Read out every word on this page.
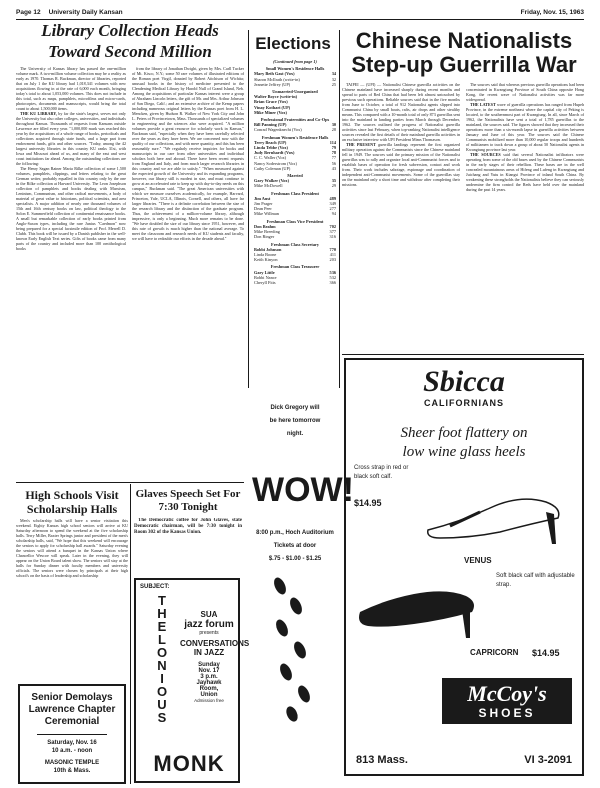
Page 12 University Daily Kansan	Friday, Nov. 15, 1963
Library Collection Heads Toward Second Million

The University of Kansas library has passed the one-million volume mark. A two-million volume collection may be a reality as early as 1970. Thomas R. Buckman, director of libraries, reported that on July 1 the KU library had 1,018,341 volumes with new acquisitions flowing in at the rate of 6,000 each month, bringing today's total to about 1,053,000 volumes. This does not include in this total, such as maps, pamphlets, microfilms and micro-cards, photocopies, documents and manuscripts, would bring the total count to about 1,500,000 items.

THE KU LIBRARY, by far the state's largest, serves not only the University but also other colleges, universities, and individuals throughout Kansas. Thousands of requests from Kansans outside Lawrence are filled every year. "1,000,000 mark was reached this year by the acquisitions of a whole range of books, periodicals and collections acquired through state funds, and a large part from endowment funds, gifts and other sources. "Today, among the 42 largest university libraries in this country KU ranks 31st, with Iowa and Missouri ahead of us, and many of the east and west coast institutions far ahead. Among the outstanding collections are the following:

The Henry Sagan Rainer Maria Rilke collection of some 1,500 volumes, pamphlets, clippings, and letters relating to the great German writer, probably equalled in this country only by the one in the Rilke collection at Harvard University. The Leon Josephson collection of pamphlets and books dealing with Marxism, Leninism, Communism, and other radical movements, a body of material of great value to historians, political scientists, and area specialists. A major addition of nearly one thousand volumes of 15th and 16th century books on law, political theology to the Solon E. Summerfield collection of continental renaissance books. A small but remarkable collection of early books printed from Anglo-Saxon types, including the rare Junius "Caedmon" now being prepared for a special facsimile edition of Prof. Merrell D. Clubb. This book will be issued by a Danish publisher in the well-known Early English Text series. Gifts of books came from many parts of the country and included more than 100 ornithological books

from the library of Jonathan Dwight, given by Mrs. Carll Tucker of Mt. Kisco, N.Y.; some 50 rare volumes of illustrated editions of the Roman poet Virgil, donated by Robert Aitchison of Wichita; unusual books in the history of medicine presented to the Clendening Medical Library by Harold Null of Grand Island, Neb. Among the acquisitions of particular Kansas interest were a group of Abraham Lincoln letters, the gift of Mr. and Mrs. Arthur Johnson of San Diego, Calif.; and an extensive archive of the Kemp papers including numerous original letters by the Kansas poet from H. L. Mencken, given by Hudson R. Walker of New York City and John L. Peters of Provincetown, Mass. Thousands of specialized volumes in engineering and the sciences also were acquired. "A million volumes provide a great resource for scholarly work in Kansas," Buckman said, "especially when they have been carefully selected over the years as they have been. We are concerned now with the quality of our collections, and with mere quantity, and this has been reasonably sure." "We regularly receive inquiries for books and manuscripts in our care from other universities and individual scholars both here and abroad. There have been recent requests from England and Italy, and from much larger research libraries in this country and we are able to satisfy." "When measured against the expected growth of the University and its expanding programs, however, our library still is modest in size, and must continue to grow at an accelerated rate to keep up with day-to-day needs on this campus," Buckman said. "The great American universities with which we measure ourselves academically, for example, Harvard, Princeton, Yale, UCLA, Illinois, Cornell, and others, all have far larger libraries. "There is a definite correlation between the size of the research library and the distinction of the graduate program. Thus, the achievement of a million-volume library, although impressive, is only a beginning. Much more remains to be done. "We have doubled the size of our library since 1951, however, and this rate of growth is much higher than the national average. To meet the classroom and research needs of KU students and faculty, we will have to redouble our efforts in the decade ahead."

Elections
(Continued from page 1)
Small Women's Residence Halls
Mary Beth Gast (Vox)	34
Sharon McIlrath (write-in)	32
Jeanette Jeffrey (UP)	25
Unmarried-Unorganized
Walter Boyce (write-in)
Brian Grace (Vox)
Vinay Kothari (UP)
Mike Miner (Vox)
Professional Fraternities and Co-Ops
Bill Panning (UP)	30
Conrad Wagenknecht (Vox)	28
Freshman Women's Residence Halls
Terry Beach (UP)	114
Linda Tebbe (Vox)	79
Judy Bernhardt (Vox)	78
C. C. Waller (Vox)	77
Nancy Soderstrom (Vox)	56
Cathy Coleman (UP)	43
Married
Gary Walker (Vox)	35
Mike McDowell	29
Freshman Class President
Jim Aust	489
Jim Prager	349
Dean Peer	277
Mike Willman	94
Freshman Class Vice President
Don Beahm	702
Mike Breeding	377
Don Ringer	316
Freshman Class Secretary
Bobbi Johnson	770
Linda Boone	411
Keith Kinyon	203
Freshman Class Treasurer
Gary Little	536
Bobbi Nance	532
Cheryll Fitts	366
Chinese Nationalists Step-up Guerrilla War

TAIPEI — (UPI) — Nationalist Chinese guerrilla activities on the Chinese mainland have increased sharply during recent months and spread to parts of Red China that had been left almost untouched by previous such operations. Reliable sources said that in the five months from June to October, a total of 912 Nationalist agents slipped into Communist China by small boats, rafts, air drops and other stealthy means. This compared with a 10-month total of only 873 guerrillas sent into the mainland in landing parties from March through December, 1962. The sources outlined the progress of Nationalist guerrilla activities since last February, when top-ranking Nationalist intelligence sources revealed the first details of their mainland guerrilla activities in an exclusive interview with UPI President Mims Thomason.

THE PRESENT guerrilla landings represent the first organized military operation against the Communists since the Chinese mainland fell in 1949. The sources said the primary mission of the Nationalist guerrillas was to rally and organize local anti-Communist forces and to establish bases of operation for fresh subversion, contact and work from. Their work includes sabotage, espionage and coordination of independent anti-Communist movements. Some of the guerrillas stay on the mainland only a short time and withdraw after completing their missions.

The sources said that whereas previous guerrilla operations had been concentrated in Kwangtung Province of South China opposite Hong Kong, the recent wave of Nationalist activities was far more widespread.

THE LATEST wave of guerrilla operations has ranged from Hupeh Province, in the extreme northeast where the capital city of Peking is located, to the southernmost part of Kwangtung. In all, since March of 1962, the Nationalists have sent a total of 1,785 guerrillas to the mainland, the sources said. The figures showed that they increased their operations more than a six-month lapse in guerrilla activities between January and June of this year. The sources said the Chinese Communists mobilized more than 10,000 regular troops and hundreds of militiamen to track down a group of about 50 Nationalist agents in Kwangtung province last year.

THE SOURCES said that several Nationalist infiltrators were operating from some of the old bases used by the Chinese Communists in the early stages of their rebellion. These bases are in the well concealed mountainous areas of Hifeng and Lufeng in Kwangtung and Juichang and Yutu in Kiangsi Province of inland South China. By weakening these strongholds the Nationalists believe they can seriously undermine the firm control the Reds have held over the mainland during the past 14 years.

High Schools Visit Scholarship Halls

Men's scholarship halls will have a senior visitation this weekend. Eighty Kansas high school seniors will arrive at KU Saturday afternoon to spend the weekend at the five scholarship halls. Terry Miller, Baxter Springs junior and president of the men's scholarship halls, said, "We hope that this weekend will encourage the seniors to apply for scholarship hall awards." Saturday evening the seniors will attend a banquet in the Kansas Union where Chancellor Wescoe will speak. Later in the evening, they will appear on the Union Board talent show. The seniors will stay at the halls for Sunday dinner with faculty members and university officials. The seniors were chosen by principals at their high school's on the basis of leadership and scholarship

Glaves Speech Set For 7:30 Tonight

The Democratic coffee for John Glaves, state Democratic chairman, will be 7:30 tonight in Room 302 of the Kansas Union.

Senior Demolays
Lawrence Chapter
Ceremonial
Saturday, Nov. 16
10 a.m. - noon
MASONIC TEMPLE
10th & Mass.
SUBJECT:
T
H
E
L
O
N
I
O
U
S
SUA
jazz forum
presents
CONVERSATIONS
IN JAZZ
Sunday
Nov. 17
3 p.m.
Jayhawk
Room,
Union
Admission free
MONK
Dick Gregory will
be here tomorrow
night.
WOW!
8:00 p.m., Hoch Auditorium
Tickets at door
$.75 - $1.00 - $1.25
Sbicca
CALIFORNIANS
Sheer foot flattery on
low wine glass heels
Cross strap in red or black soft calf.
$14.95
VENUS
Soft black calf with adjustable strap.
CAPRICORN $14.95
McCoy's
SHOES
813 Mass.	VI 3-2091
